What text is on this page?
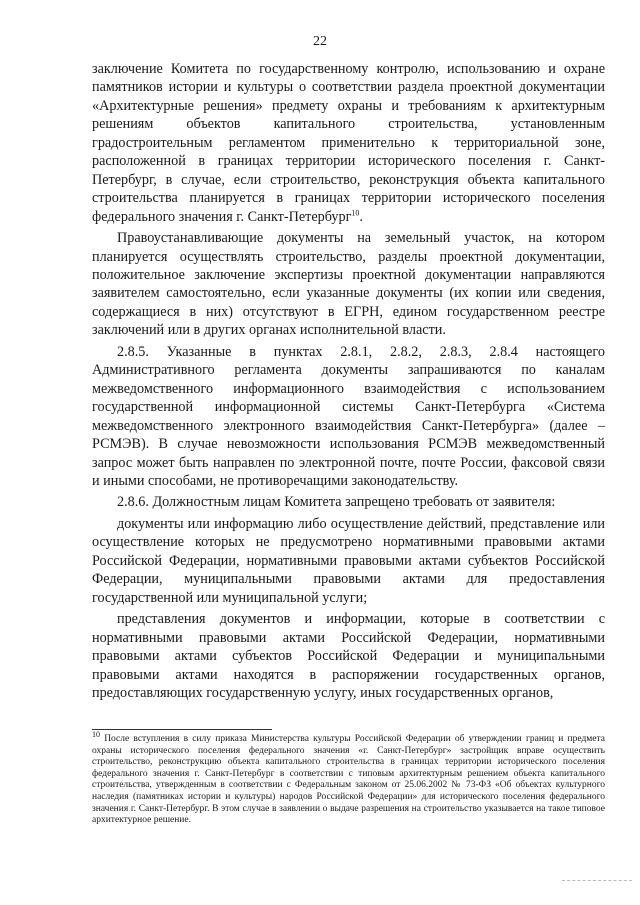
22

заключение Комитета по государственному контролю, использованию и охране памятников истории и культуры о соответствии раздела проектной документации «Архитектурные решения» предмету охраны и требованиям к архитектурным решениям объектов капитального строительства, установленным градостроительным регламентом применительно к территориальной зоне, расположенной в границах территории исторического поселения г. Санкт-Петербург, в случае, если строительство, реконструкция объекта капитального строительства планируется в границах территории исторического поселения федерального значения г. Санкт-Петербург$^{10}$.

Правоустанавливающие документы на земельный участок, на котором планируется осуществлять строительство, разделы проектной документации, положительное заключение экспертизы проектной документации направляются заявителем самостоятельно, если указанные документы (их копии или сведения, содержащиеся в них) отсутствуют в ЕГРН, едином государственном реестре заключений или в других органах исполнительной власти.

2.8.5. Указанные в пунктах 2.8.1, 2.8.2, 2.8.3, 2.8.4 настоящего Административного регламента документы запрашиваются по каналам межведомственного информационного взаимодействия с использованием государственной информационной системы Санкт-Петербурга «Система межведомственного электронного взаимодействия Санкт-Петербурга» (далее – РСМЭВ). В случае невозможности использования РСМЭВ межведомственный запрос может быть направлен по электронной почте, почте России, факсовой связи и иными способами, не противоречащими законодательству.

2.8.6. Должностным лицам Комитета запрещено требовать от заявителя:

документы или информацию либо осуществление действий, представление или осуществление которых не предусмотрено нормативными правовыми актами Российской Федерации, нормативными правовыми актами субъектов Российской Федерации, муниципальными правовыми актами для предоставления государственной или муниципальной услуги;

представления документов и информации, которые в соответствии с нормативными правовыми актами Российской Федерации, нормативными правовыми актами субъектов Российской Федерации и муниципальными правовыми актами находятся в распоряжении государственных органов, предоставляющих государственную услугу, иных государственных органов,

$^{10}$ После вступления в силу приказа Министерства культуры Российской Федерации об утверждении границ и предмета охраны исторического поселения федерального значения «г. Санкт-Петербург» застройщик вправе осуществить строительство, реконструкцию объекта капитального строительства в границах территории исторического поселения федерального значения г. Санкт-Петербург в соответствии с типовым архитектурным решением объекта капитального строительства, утвержденным в соответствии с Федеральным законом от 25.06.2002 № 73-ФЗ «Об объектах культурного наследия (памятниках истории и культуры) народов Российской Федерации» для исторического поселения федерального значения г. Санкт-Петербург. В этом случае в заявлении о выдаче разрешения на строительство указывается на такое типовое архитектурное решение.
